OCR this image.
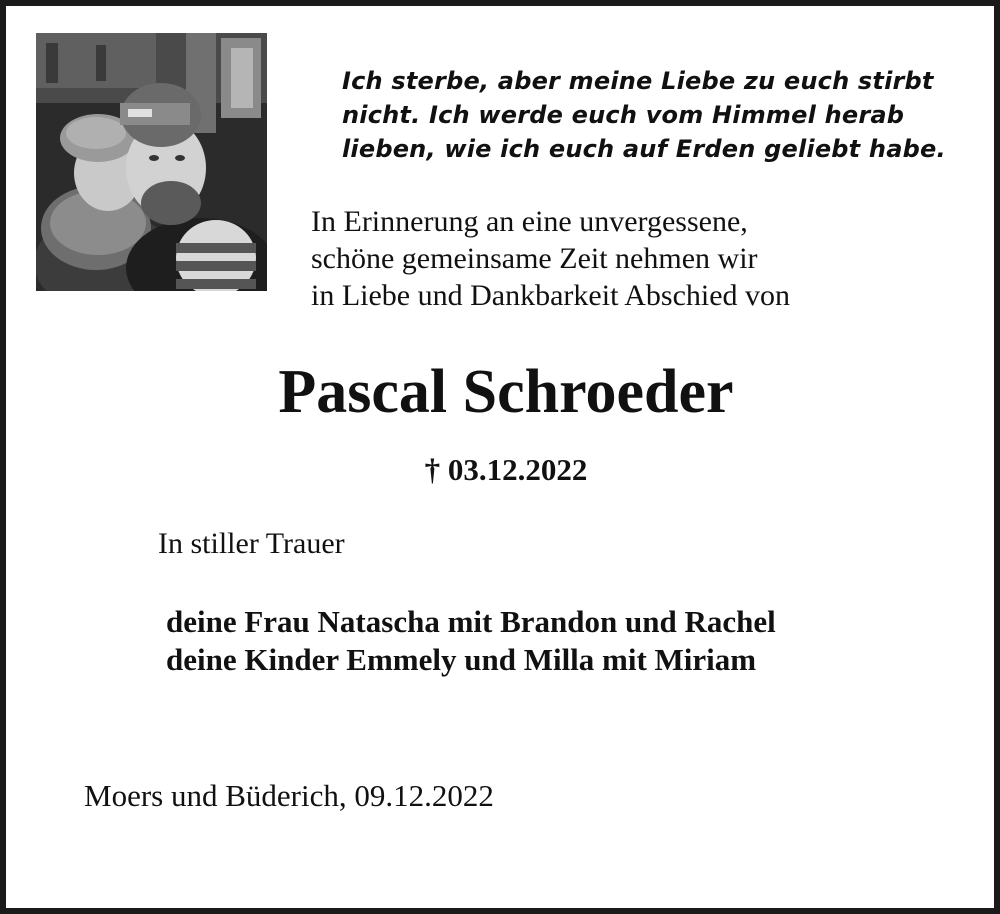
Ich sterbe, aber meine Liebe zu euch stirbt
nicht. Ich werde euch vom Himmel herab
lieben, wie ich euch auf Erden geliebt habe.
In Erinnerung an eine unvergessene,
schöne gemeinsame Zeit nehmen wir
in Liebe und Dankbarkeit Abschied von
Pascal Schroeder
† 03.12.2022
In stiller Trauer
deine Frau Natascha mit Brandon und Rachel
deine Kinder Emmely und Milla mit Miriam
Moers und Büderich, 09.12.2022
